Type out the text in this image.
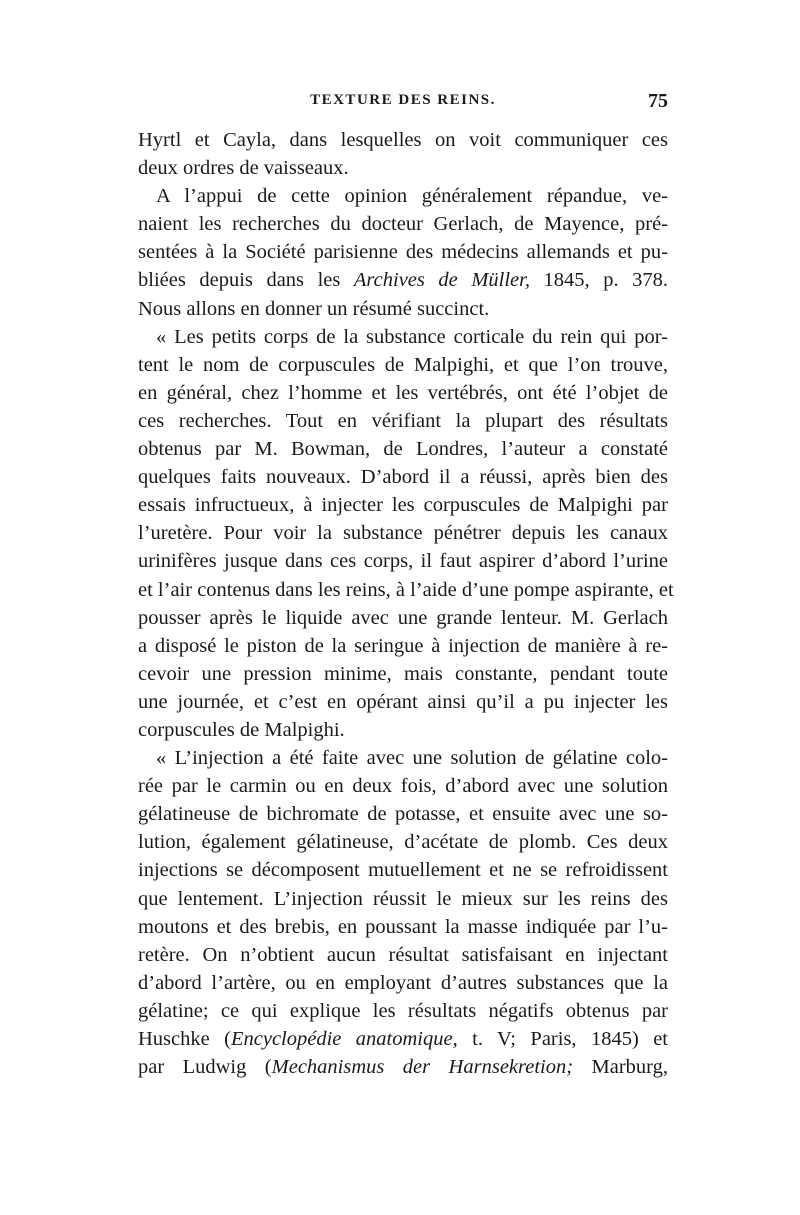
TEXTURE DES REINS.	75
Hyrtl et Cayla, dans lesquelles on voit communiquer ces
deux ordres de vaisseaux.
A l’appui de cette opinion généralement répandue, ve-
naient les recherches du docteur Gerlach, de Mayence, pré-
sentées à la Société parisienne des médecins allemands et pu-
bliées depuis dans les Archives de Müller, 1845, p. 378.
Nous allons en donner un résumé succinct.
« Les petits corps de la substance corticale du rein qui por-
tent le nom de corpuscules de Malpighi, et que l’on trouve,
en général, chez l’homme et les vertébrés, ont été l’objet de
ces recherches. Tout en vérifiant la plupart des résultats
obtenus par M. Bowman, de Londres, l’auteur a constaté
quelques faits nouveaux. D’abord il a réussi, après bien des
essais infructueux, à injecter les corpuscules de Malpighi par
l’uretère. Pour voir la substance pénétrer depuis les canaux
urinifères jusque dans ces corps, il faut aspirer d’abord l’urine
et l’air contenus dans les reins, à l’aide d’une pompe aspirante, et
pousser après le liquide avec une grande lenteur. M. Gerlach
a disposé le piston de la seringue à injection de manière à re-
cevoir une pression minime, mais constante, pendant toute
une journée, et c’est en opérant ainsi qu’il a pu injecter les
corpuscules de Malpighi.
« L’injection a été faite avec une solution de gélatine colo-
rée par le carmin ou en deux fois, d’abord avec une solution
gélatineuse de bichromate de potasse, et ensuite avec une so-
lution, également gélatineuse, d’acétate de plomb. Ces deux
injections se décomposent mutuellement et ne se refroidissent
que lentement. L’injection réussit le mieux sur les reins des
moutons et des brebis, en poussant la masse indiquée par l’u-
retère. On n’obtient aucun résultat satisfaisant en injectant
d’abord l’artère, ou en employant d’autres substances que la
gélatine; ce qui explique les résultats négatifs obtenus par
Huschke (Encyclopédie anatomique, t. V; Paris, 1845) et
par Ludwig (Mechanismus der Harnsekretion; Marburg,
